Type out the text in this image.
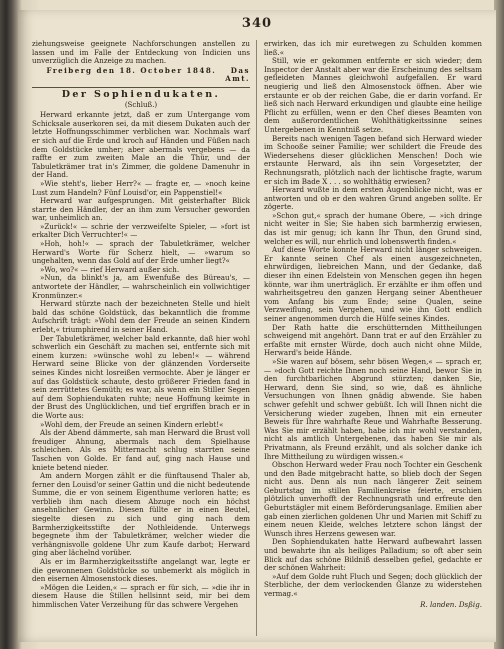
340

ziehungsweise geeignete Nachforschungen anstellen zu lassen und im Falle der Entdeckung von Indicien uns unverzüglich die Anzeige zu machen.

Freiberg den 18. October 1848. Das Amt.

Der Sophiendukaten.
(Schluß.)

Herward erkannte jetzt, daß er zum Untergange vom Schicksale auserkoren sei, da mit diesem Dukaten auch der letzte Hoffnungsschimmer verblichen war. Nochmals warf er sich auf die Erde und kroch auf Händen und Füßen nach dem Goldstücke umher; aber abermals vergebens — da raffte er zum zweiten Male an die Thür, und der Tabuletkrämer trat in's Zimmer, die goldene Damenuhr in der Hand.

»Wie steht's, lieber Herr?« — fragte er, — »noch keine Lust zum Handeln? Fünf Louisd'or, ein Pappenstiel!«

Herward war aufgesprungen. Mit geisterhafter Blick starrte den Händler, der an ihm zum Versucher geworden war, unheimlich an.

»Zurück!« — schrie der verzweifelte Spieler, — »fort ist erkalter Dich Verruchter!« —

»Hoh, hoh!« — sprach der Tabuletkrämer, welcher Herward's Worte für Scherz hielt, — »warum so ungehalten, wenn das Gold auf der Erde umher liegt?«

»Wo, wo?« — rief Herward außer sich.

»Nun, da blinkt's ja, am Ewenfuße des Büreau's, — antwortete der Händler, — wahrscheinlich ein vollwichtiger Kronmünzer.«

Herward stürzte nach der bezeichneten Stelle und hielt bald das schöne Goldstück, das bekanntlich die fromme Aufschrift trägt: »Wohl dem der Freude an seinen Kindern erlebt,« triumphirend in seiner Hand.

Der Tabuletkrämer, welcher bald erkannte, daß hier wohl schwerlich ein Geschäft zu machen sei, entfernte sich mit einem kurzen: »wünsche wohl zu leben!« — während Herward seine Blicke von der glänzenden Vorderseite seines Kindes nicht losreißen vermochte. Aber je länger er auf das Goldstück schaute, desto größerer Frieden fand in sein zerrüttetes Gemüth; es war, als wenn ein Stiller Segen auf dem Sophiendukaten ruhte; neue Hoffnung keimte in der Brust des Unglücklichen, und tief ergriffen brach er in die Worte aus:

»Wohl dem, der Freude an seinen Kindern erlebt!«

Als der Abend dämmerte, sah man Herward die Brust voll freudiger Ahnung, abermals nach dem Spielhause schleichen. Als es Mitternacht schlug starrten seine Taschen von Golde. Er fand auf, ging nach Hause und kniete betend nieder.

Am andern Morgen zählt er die fünftausend Thaler ab, ferner den Louisd'or seiner Gattin und die nicht bedeutende Summe, die er von seinem Eigenthume verloren hatte; es verblieb ihm nach diesem Abzuge noch ein höchst ansehnlicher Gewinn. Diesen füllte er in einen Beutel, siegelte diesen zu sich und ging nach dem Barmherzigkeitsstifte der Nothleidende. Unterwegs begegnete ihm der Tabuletkrämer, welcher wieder die verhängnisvolle goldene Uhr zum Kaufe darbot; Herward ging aber lächelnd vorüber.

Als er im Barmherzigkeitsstifte angelangt war, legte er die gewonnenen Goldstücke so unbemerkt als möglich in den eisernen Almosenstock dieses.

»Mögen die Leiden,« — sprach er für sich, — »die ihr in diesem Hause die Stillen hellsinnt seid, mir bei dem himmlischen Vater Verzeihung für das schwere Vergehen

erwirken, das ich mir euretwegen zu Schulden kommen ließ.«

Still, wie er gekommen entfernte er sich wieder; dem Inspector der Anstalt aber war die Erscheinung des seltsam gefleideten Mannes gleichwohl aufgefallen. Er ward neugierig und ließ den Almosenstock öffnen. Aber wie erstaunte er ob der reichen Gabe, die er darin vorfand. Er ließ sich nach Herward erkundigen und glaubte eine heilige Pflicht zu erfüllen, wenn er den Chef dieses Beamten von dem außerordentlichen Wohlthätigkeitssinne seines Untergebenen in Kenntniß setze.

Bereits nach wenigen Tagen befand sich Herward wieder im Schooße seiner Familie; wer schildert die Freude des Wiedersehens dieser glücklichen Menschen! Doch wie erstaunte Herward, als ihn sein Vorgesetzter, der Rechnungsrath, plötzlich nach der lichtische fragte, warum er sich im Bade X . . . so wohlthätig erwiesen?

Herward wußte in dem ersten Augenblicke nicht, was er antworten und ob er den wahren Grund angeben sollte. Er zögerte.

»Schon gut,« sprach der humane Obere, — »ich dringe nicht weiter in Sie; Sie haben sich barmherzig erwiesen, das ist mir genug; ich kann Ihr Thun, den Grund sind, welcher es will, nur ehrlich und lobenswerth finden.«

Auf diese Worte konnte Herward nicht länger schweigen. Er kannte seinen Chef als einen ausgezeichneten, ehrwürdigen, liebreichen Mann, und der Gedanke, daß dieser ihn einen Edelstein von Menschen gegen ihn hegen könnte, war ihm unerträglich. Er erzählte er ihm offen und wahrheitsgetreu den ganzen Hergang seiner Abentheuer vom Anfang bis zum Ende; seine Qualen, seine Verzweiflung, sein Vergehen, und wie ihn Gott endlich seiner angenommen durch die Hülfe seines Kindes.

Der Rath hatte die erschütternden Mittheilungen schweigend mit angehört. Dann trat er auf den Erzähler zu erfaßte mit ernster Würde, doch auch nicht ohne Milde, Herward's beide Hände.

»Sie waren auf bösem, sehr bösen Wegen,« — sprach er, — »doch Gott reichte Ihnen noch seine Hand, bewor Sie in den furchtbarlichen Abgrund stürzten; danken Sie, Herward, denn Sie sind, so wie, daß es ähnliche Versuchungen von Ihnen gnädig abwende. Sie haben schwer gefehlt und schwer gebüßt. Ich will Ihnen nicht die Versicherung wieder zugeben, Ihnen mit ein erneuter Beweis für Ihre wahrhafte Reue und Wahrhafte Besserung. Was Sie mir erzählt haben, habe ich mir wohl verstanden, nicht als amtlich Untergebenen, das haben Sie mir als Privatmann, als Freund erzählt, und als solcher danke ich Ihre Mittheilung zu würdigen wissen.«

Obschon Herward weder Frau noch Tochter ein Geschenk und den Bade mitgebracht hatte, so blieb doch der Segen nicht aus. Denn als nun nach längerer Zeit seinem Geburtstag im stillen Familienkreise feierte, erschien plötzlich unverhofft der Rechnungsrath und erfreute den Geburtstägler mit einem Beförderungsanlage. Emilien aber gab einen zierlichen goldenen Uhr und Marien mit Schiff zu einem neuen Kleide, welches letztere schon längst der Wunsch ihres Herzens gewesen war.

Den Sophiendukaten hatte Herward aufbewahrt lassen und bewahrte ihn als heiliges Palladium; so oft aber sein Blick auf das schöne Bildniß desselben gefiel, gedachte er der schönen Wahrheit:

»Auf dem Golde ruht Fluch und Segen; doch glücklich der Sterbliche, der dem verlockenden Glanze zu widerstehen vermag.«

R. landen. Dsßig.
